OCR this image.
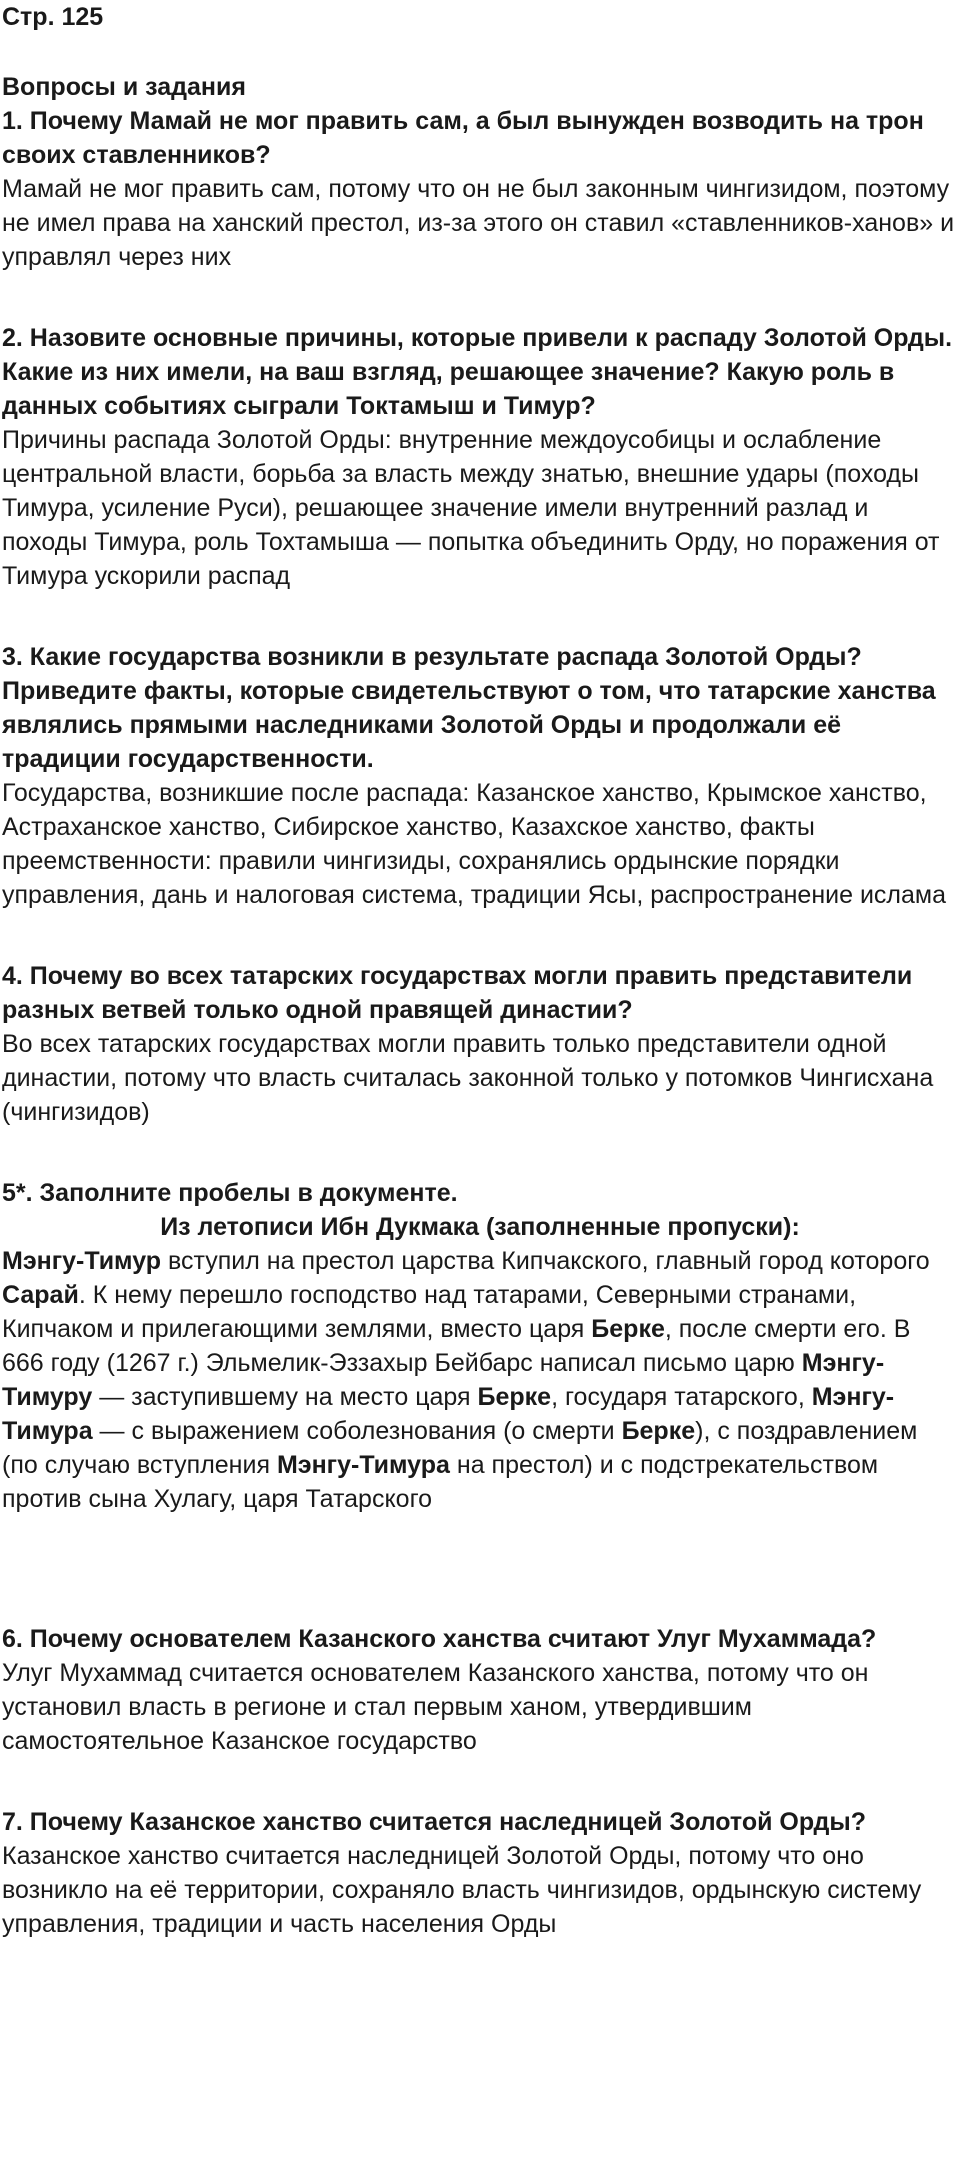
Стр. 125

Вопросы и задания

1. Почему Мамай не мог править сам, а был вынужден возводить на трон своих ставленников?

Мамай не мог править сам, потому что он не был законным чингизидом, поэтому не имел права на ханский престол, из-за этого он ставил «ставленников-ханов» и управлял через них

2. Назовите основные причины, которые привели к распаду Золотой Орды. Какие из них имели, на ваш взгляд, решающее значение? Какую роль в данных событиях сыграли Токтамыш и Тимур?

Причины распада Золотой Орды: внутренние междоусобицы и ослабление центральной власти, борьба за власть между знатью, внешние удары (походы Тимура, усиление Руси), решающее значение имели внутренний разлад и походы Тимура, роль Тохтамыша — попытка объединить Орду, но поражения от Тимура ускорили распад

3. Какие государства возникли в результате распада Золотой Орды?

Приведите факты, которые свидетельствуют о том, что татарские ханства являлись прямыми наследниками Золотой Орды и продолжали её традиции государственности.

Государства, возникшие после распада: Казанское ханство, Крымское ханство, Астраханское ханство, Сибирское ханство, Казахское ханство, факты преемственности: правили чингизиды, сохранялись ордынские порядки управления, дань и налоговая система, традиции Ясы, распространение ислама

4. Почему во всех татарских государствах могли править представители разных ветвей только одной правящей династии?

Во всех татарских государствах могли править только представители одной династии, потому что власть считалась законной только у потомков Чингисхана (чингизидов)

5*. Заполните пробелы в документе.

Из летописи Ибн Дукмака (заполненные пропуски):

Мэнгу-Тимур вступил на престол царства Кипчакского, главный город которого Сарай. К нему перешло господство над татарами, Северными странами, Кипчаком и прилегающими землями, вместо царя Берке, после смерти его. В 666 году (1267 г.) Эльмелик-Эззахыр Бейбарс написал письмо царю Мэнгу-Тимуру — заступившему на место царя Берке, государя татарского, Мэнгу-Тимура — с выражением соболезнования (о смерти Берке), с поздравлением (по случаю вступления Мэнгу-Тимура на престол) и с подстрекательством против сына Хулагу, царя Татарского

6. Почему основателем Казанского ханства считают Улуг Мухаммада?

Улуг Мухаммад считается основателем Казанского ханства, потому что он установил власть в регионе и стал первым ханом, утвердившим самостоятельное Казанское государство

7. Почему Казанское ханство считается наследницей Золотой Орды?

Казанское ханство считается наследницей Золотой Орды, потому что оно возникло на её территории, сохраняло власть чингизидов, ордынскую систему управления, традиции и часть населения Орды
